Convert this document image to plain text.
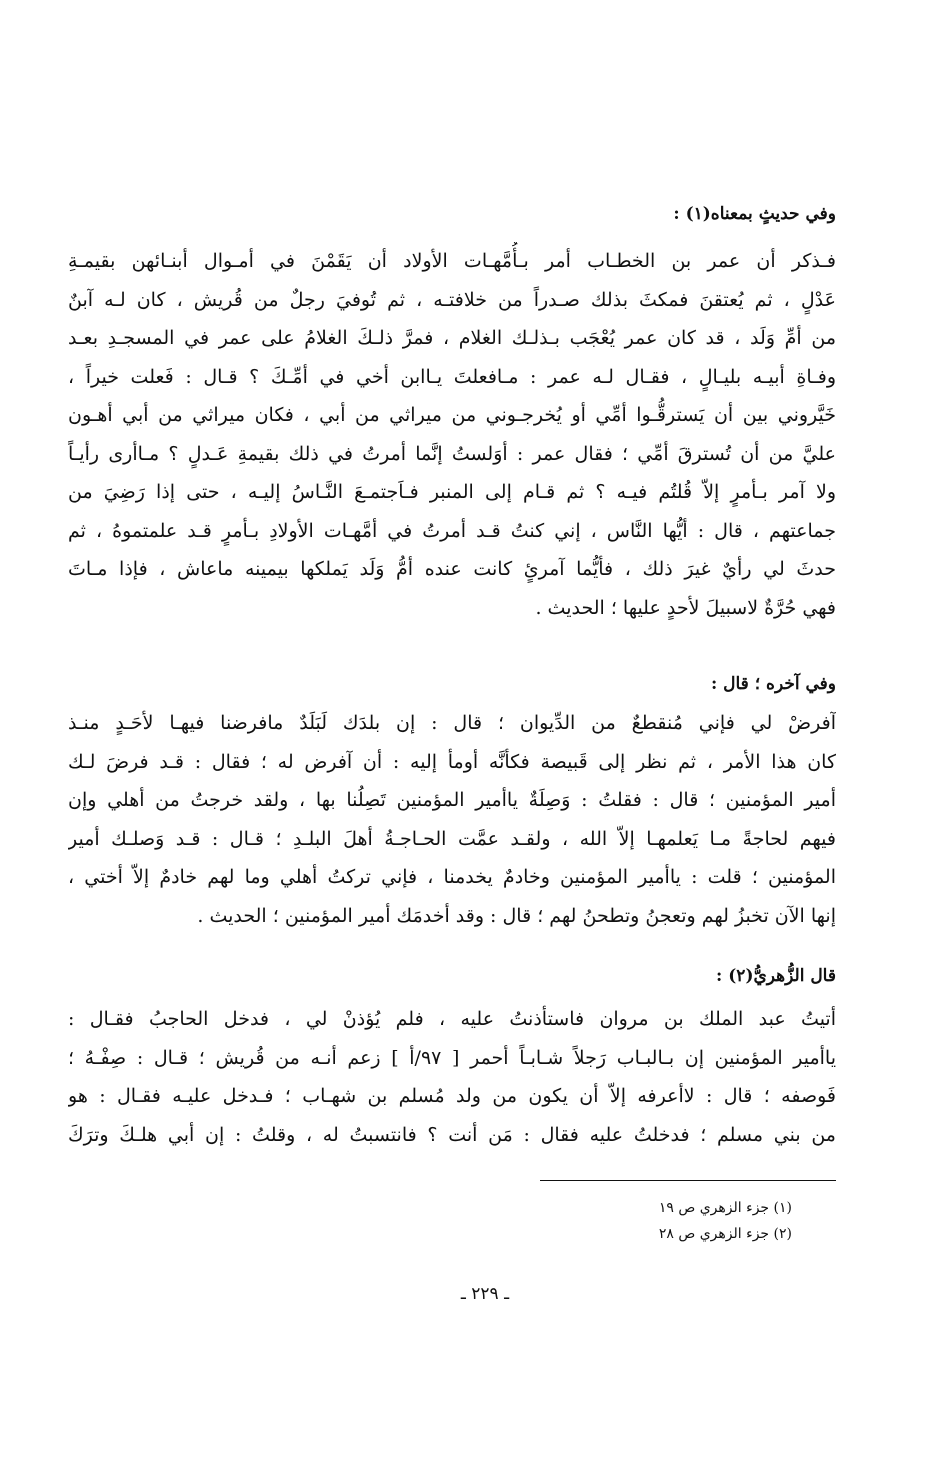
وفي حديثٍ بمعناه(١) :
فـذكر أن عمر بن الخطـاب أمر بـأُمَّهـات الأولاد أن يَقَمْنَ في أمـوال أبنـائهن بقيمـةِ
عَدْلٍ ، ثم يُعتقنَ فمكثَ بذلك صـدراً من خلافتـه ، ثم تُوفيَ رجلٌ من قُريش ، كان لـه آبنٌ
من أمِّ وَلَد ، قد كان عمر يُعْجَب بـذلـك الغلام ، فمرَّ ذلـكَ الغلامُ على عمر في المسجـدِ بعـد
وفـاةِ أبيـه بليـالٍ ، فقـال لـه عمر : مـافعلتَ يـاابن أخي في أمِّـكَ ؟ قـال : فَعلت خيراً ،
خَيَّروني بين أن يَسترقُّـوا أمِّي أو يُخرجـوني من ميراثي من أبي ، فكان ميراثي من أبي أهـون
عليَّ من أن تُسترقَ أمِّي ؛ فقال عمر : أوَلستُ إنَّما أمرتُ في ذلك بقيمةِ عَـدلٍ ؟ مـاأرى رأيـاً
ولا آمر بـأمرٍ إلاّ قُلتُم فيـه ؟ ثم قـام إلى المنبر فـاَجتمـعَ النَّـاسُ إليـه ، حتى إذا رَضِيَ من
جماعتهم ، قال : أيُّها النَّاس ، إني كنتُ قـد أمرتُ في أمَّهـات الأولادِ بـأمرٍ قـد علمتموهُ ، ثم
حدثَ لي رأيٌ غيرَ ذلك ، فأيُّما آمرئٍ كانت عنده أمُّ وَلَد يَملكها بيمينه ماعاش ، فإذا مـاتَ
فهي حُرَّةٌ لاسبيلَ لأحدٍ عليها ؛ الحديث .
وفي آخره ؛ قال :
آفرضْ لي فإني مُنقطعٌ من الدِّيوان ؛ قال : إن بلدَك لَبَلَدٌ مافرضنا فيهـا لأحَـدٍ منـذ
كان هذا الأمر ، ثم نظر إلى قَبيصة فكأنَّه أومأ إليه : أن آفرض له ؛ فقال : قـد فرضَ لـك
أمير المؤمنين ؛ قال : فقلتُ : وَصِلَةٌ ياأمير المؤمنين تَصِلُنا بها ، ولقد خرجتُ من أهلي وإن
فيهم لحاجةً مـا يَعلمهـا إلاّ الله ، ولقـد عمَّت الحـاجـةُ أهلَ البلـدِ ؛ قـال : قـد وَصلـك أمير
المؤمنين ؛ قلت : ياأمير المؤمنين وخادمٌ يخدمنا ، فإني تركتُ أهلي وما لهم خادمٌ إلاّ أختي ،
إنها الآن تخبزُ لهم وتعجنُ وتطحنُ لهم ؛ قال : وقد أخدمَك أمير المؤمنين ؛ الحديث .
قال الزُّهريُّ(٢) :
أتيتُ عبد الملك بن مروان فاستأذنتُ عليه ، فلم يُؤذنْ لي ، فدخل الحاجبُ فقـال :
ياأمير المؤمنين إن بـالبـاب رَجلاً شـابـاً أحمر [ ٩٧/أ ] زعم أنـه من قُريش ؛ قـال : صِفْـهُ ؛
فَوصفه ؛ قال : لاأعرفه إلاّ أن يكون من ولد مُسلم بن شهـاب ؛ فـدخل عليـه فقـال : هو
من بني مسلم ؛ فدخلتُ عليه فقال : مَن أنت ؟ فانتسبتُ له ، وقلتُ : إن أبي هلـكَ وترَكَ
(١) جزء الزهري ص ١٩
(٢) جزء الزهري ص ٢٨
ـ ٢٢٩ ـ
